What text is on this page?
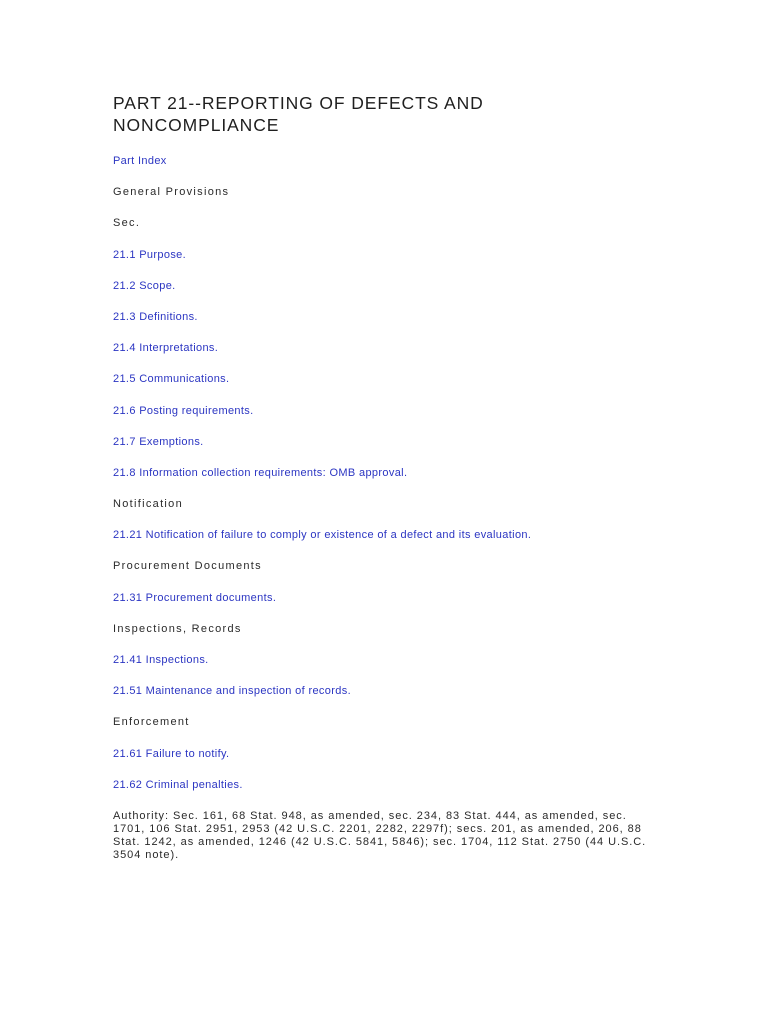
PART 21--REPORTING OF DEFECTS AND
NONCOMPLIANCE
Part Index
General Provisions
Sec.
21.1 Purpose.
21.2 Scope.
21.3 Definitions.
21.4 Interpretations.
21.5 Communications.
21.6 Posting requirements.
21.7 Exemptions.
21.8 Information collection requirements: OMB approval.
Notification
21.21 Notification of failure to comply or existence of a defect and its evaluation.
Procurement Documents
21.31 Procurement documents.
Inspections, Records
21.41 Inspections.
21.51 Maintenance and inspection of records.
Enforcement
21.61 Failure to notify.
21.62 Criminal penalties.
Authority: Sec. 161, 68 Stat. 948, as amended, sec. 234, 83 Stat. 444, as amended, sec.
1701, 106 Stat. 2951, 2953 (42 U.S.C. 2201, 2282, 2297f); secs. 201, as amended, 206, 88
Stat. 1242, as amended, 1246 (42 U.S.C. 5841, 5846); sec. 1704, 112 Stat. 2750 (44 U.S.C.
3504 note).
